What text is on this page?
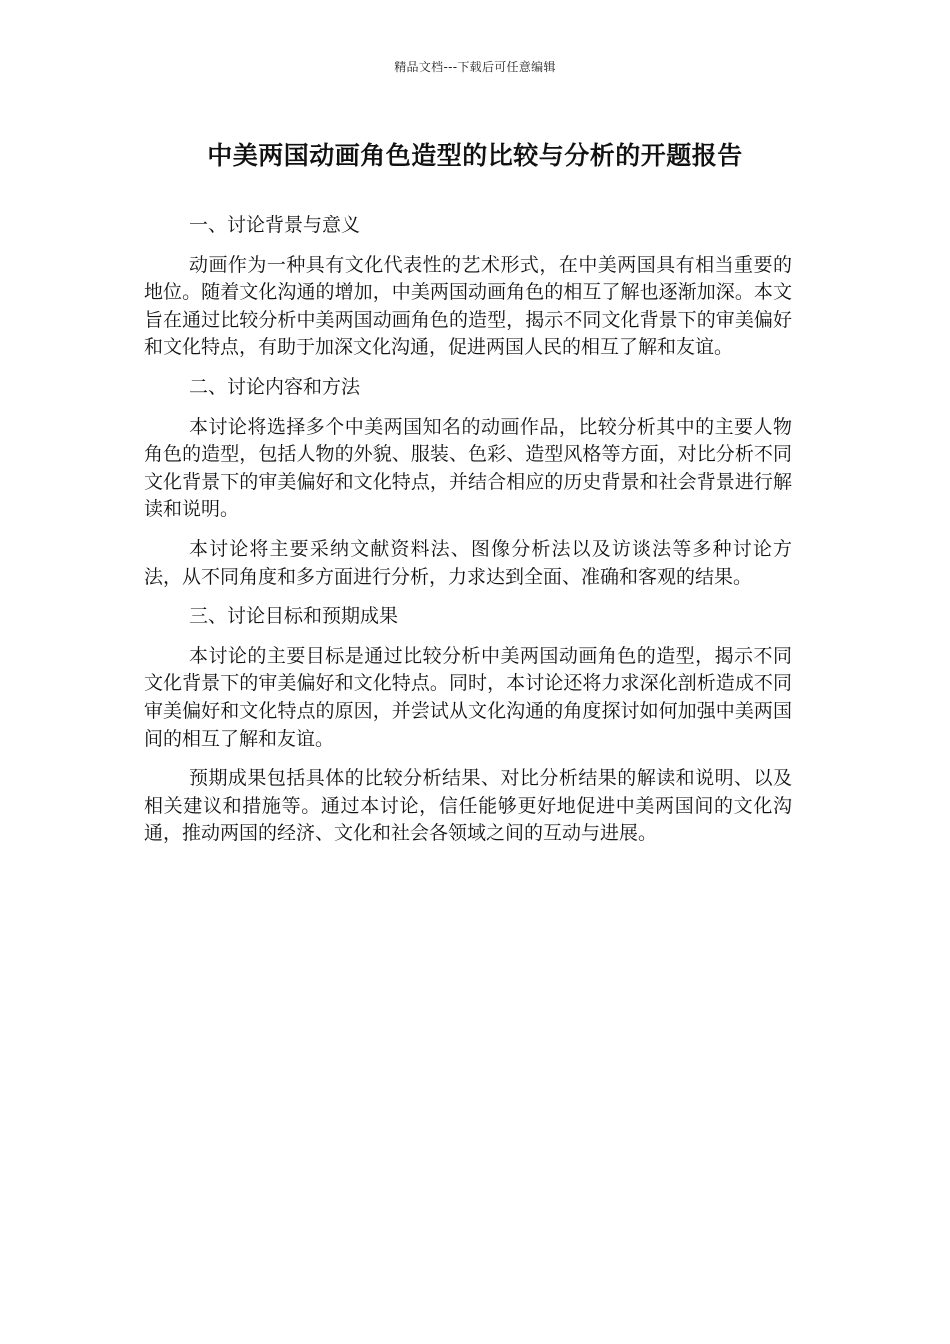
精品文档---下载后可任意编辑
中美两国动画角色造型的比较与分析的开题报告

一、讨论背景与意义

动画作为一种具有文化代表性的艺术形式，在中美两国具有相当重要的地位。随着文化沟通的增加，中美两国动画角色的相互了解也逐渐加深。本文旨在通过比较分析中美两国动画角色的造型，揭示不同文化背景下的审美偏好和文化特点，有助于加深文化沟通，促进两国人民的相互了解和友谊。

二、讨论内容和方法

本讨论将选择多个中美两国知名的动画作品，比较分析其中的主要人物角色的造型，包括人物的外貌、服装、色彩、造型风格等方面，对比分析不同文化背景下的审美偏好和文化特点，并结合相应的历史背景和社会背景进行解读和说明。

本讨论将主要采纳文献资料法、图像分析法以及访谈法等多种讨论方法，从不同角度和多方面进行分析，力求达到全面、准确和客观的结果。

三、讨论目标和预期成果

本讨论的主要目标是通过比较分析中美两国动画角色的造型，揭示不同文化背景下的审美偏好和文化特点。同时，本讨论还将力求深化剖析造成不同审美偏好和文化特点的原因，并尝试从文化沟通的角度探讨如何加强中美两国间的相互了解和友谊。

预期成果包括具体的比较分析结果、对比分析结果的解读和说明、以及相关建议和措施等。通过本讨论，信任能够更好地促进中美两国间的文化沟通，推动两国的经济、文化和社会各领域之间的互动与进展。
